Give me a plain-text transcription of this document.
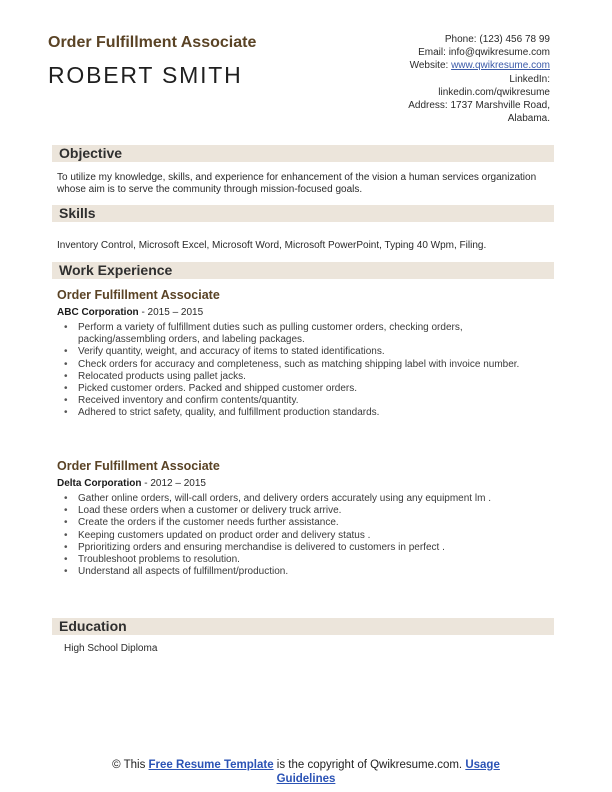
Order Fulfillment Associate
ROBERT SMITH
Phone: (123) 456 78 99
Email: info@qwikresume.com
Website: www.qwikresume.com
LinkedIn:
linkedin.com/qwikresume
Address: 1737 Marshville Road,
Alabama.
Objective
To utilize my knowledge, skills, and experience for enhancement of the vision a human services organization whose aim is to serve the community through mission-focused goals.
Skills
Inventory Control, Microsoft Excel, Microsoft Word, Microsoft PowerPoint, Typing 40 Wpm, Filing.
Work Experience
Order Fulfillment Associate
ABC Corporation - 2015 – 2015
• Perform a variety of fulfillment duties such as pulling customer orders, checking orders, packing/assembling orders, and labeling packages.
• Verify quantity, weight, and accuracy of items to stated identifications.
• Check orders for accuracy and completeness, such as matching shipping label with invoice number.
• Relocated products using pallet jacks.
• Picked customer orders. Packed and shipped customer orders.
• Received inventory and confirm contents/quantity.
• Adhered to strict safety, quality, and fulfillment production standards.
Order Fulfillment Associate
Delta Corporation - 2012 – 2015
• Gather online orders, will-call orders, and delivery orders accurately using any equipment lm .
• Load these orders when a customer or delivery truck arrive.
• Create the orders if the customer needs further assistance.
• Keeping customers updated on product order and delivery status .
• Pprioritizing orders and ensuring merchandise is delivered to customers in perfect .
• Troubleshoot problems to resolution.
• Understand all aspects of fulfillment/production.
Education
High School Diploma
© This Free Resume Template is the copyright of Qwikresume.com. Usage
Guidelines
